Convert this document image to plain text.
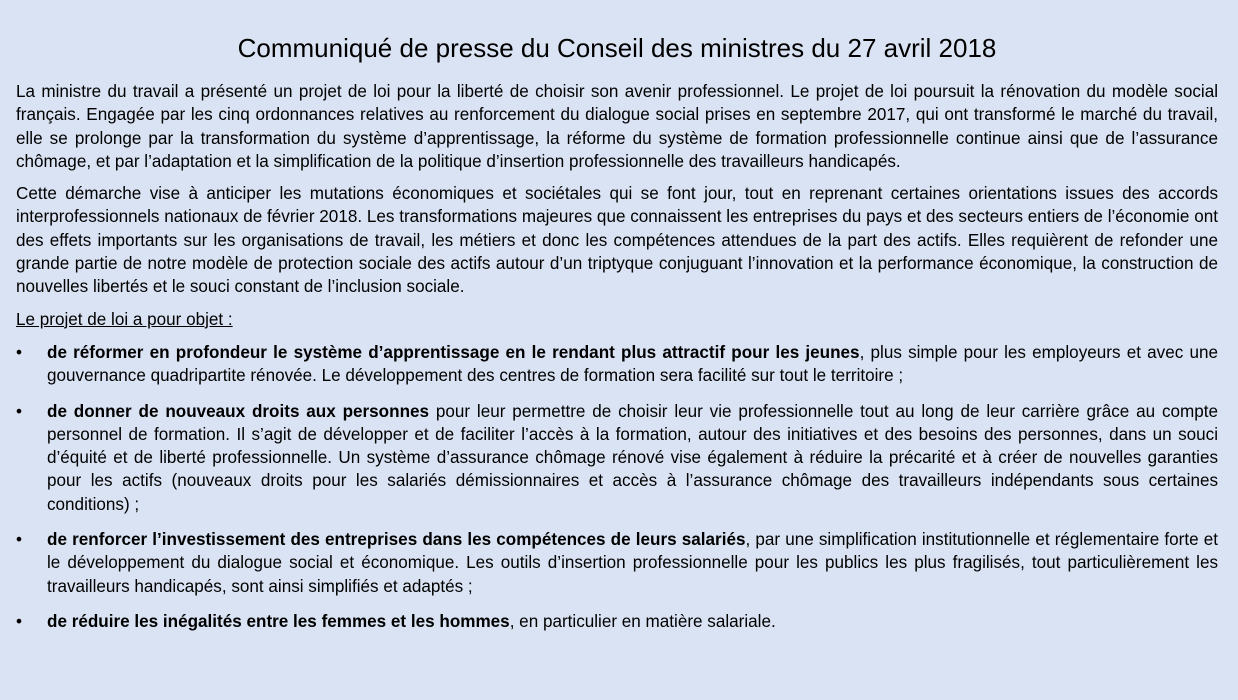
Communiqué de presse du Conseil des ministres du 27 avril 2018

La ministre du travail a présenté un projet de loi pour la liberté de choisir son avenir professionnel. Le projet de loi poursuit la rénovation du modèle social français. Engagée par les cinq ordonnances relatives au renforcement du dialogue social prises en septembre 2017, qui ont transformé le marché du travail, elle se prolonge par la transformation du système d’apprentissage, la réforme du système de formation professionnelle continue ainsi que de l’assurance chômage, et par l’adaptation et la simplification de la politique d’insertion professionnelle des travailleurs handicapés.

Cette démarche vise à anticiper les mutations économiques et sociétales qui se font jour, tout en reprenant certaines orientations issues des accords interprofessionnels nationaux de février 2018. Les transformations majeures que connaissent les entreprises du pays et des secteurs entiers de l’économie ont des effets importants sur les organisations de travail, les métiers et donc les compétences attendues de la part des actifs. Elles requièrent de refonder une grande partie de notre modèle de protection sociale des actifs autour d’un triptyque conjuguant l’innovation et la performance économique, la construction de nouvelles libertés et le souci constant de l’inclusion sociale.

Le projet de loi a pour objet :

• de réformer en profondeur le système d’apprentissage en le rendant plus attractif pour les jeunes, plus simple pour les employeurs et avec une gouvernance quadripartite rénovée. Le développement des centres de formation sera facilité sur tout le territoire ;
• de donner de nouveaux droits aux personnes pour leur permettre de choisir leur vie professionnelle tout au long de leur carrière grâce au compte personnel de formation. Il s’agit de développer et de faciliter l’accès à la formation, autour des initiatives et des besoins des personnes, dans un souci d’équité et de liberté professionnelle. Un système d’assurance chômage rénové vise également à réduire la précarité et à créer de nouvelles garanties pour les actifs (nouveaux droits pour les salariés démissionnaires et accès à l’assurance chômage des travailleurs indépendants sous certaines conditions) ;
• de renforcer l’investissement des entreprises dans les compétences de leurs salariés, par une simplification institutionnelle et réglementaire forte et le développement du dialogue social et économique. Les outils d’insertion professionnelle pour les publics les plus fragilisés, tout particulièrement les travailleurs handicapés, sont ainsi simplifiés et adaptés ;
• de réduire les inégalités entre les femmes et les hommes, en particulier en matière salariale.
